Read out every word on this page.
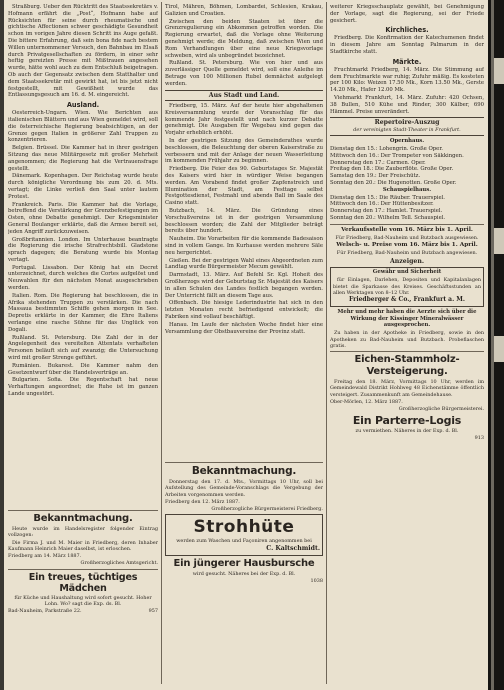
Straßburg. Ueber den Rücktritt des Staatssekretärs v. Hofmann erfährt die „Post“, Hofmann habe auf Rücksichten für seine durch rheumatische und gichtische Affectionen schwer geschädigte Gesundheit schon im vorigen Jahre diesen Schritt ins Auge gefaßt. Die bittere Erfahrung, daß sein bona fide nach bestem Willen unternommener Versuch, den Bahnbau im Elsaß durch Privatgesellschaften zu fördern, in einer sehr heftig gereizten Presse mit Mißtrauen angesehen wurde, hätte wohl auch zu dem Entschluß beigetragen. Ob auch der Gegensatz zwischen dem Statthalter und dem Staatssekretär mit gewirkt hat, ist bis jetzt nicht festgestellt, mit Gewißheit wurde das Entlassungsgesuch am 16. d. M. eingereicht.

Ausland.

Oesterreich-Ungarn. Wien. Wie Berichten aus italienischen Blättern und aus Wien gemeldet wird, soll die österreichische Regierung beabsichtigen, an der Grenze gegen Italien in größerer Zahl Truppen zu konzentrieren.

Belgien. Brüssel. Die Kammer hat in ihrer gestrigen Sitzung das neue Militärgesetz mit großer Mehrheit angenommen; die Regierung hat die Vertrauensfrage gestellt.

Dänemark. Kopenhagen. Der Reichstag wurde heute durch königliche Verordnung bis zum 20. d. Mts. vertagt; die Linke verließ den Saal unter lautem Protest.

Frankreich. Paris. Die Kammer hat die Vorlage, betreffend die Verstärkung der Grenzbefestigungen im Osten, ohne Debatte genehmigt. Der Kriegsminister General Boulanger erklärte, daß die Armee bereit sei, jeden Angriff zurückzuweisen.

Großbritannien. London. Im Unterhause beantragte die Regierung die irische Strafrechtsbill. Gladstone sprach dagegen; die Beratung wurde bis Montag vertagt.

Portugal. Lissabon. Der König hat ein Decret unterzeichnet, durch welches die Cortes aufgelöst und Neuwahlen für den nächsten Monat ausgeschrieben werden.

Italien. Rom. Die Regierung hat beschlossen, die in Afrika stehenden Truppen zu verstärken. Die nach Massaua bestimmten Schiffe gehen morgen in See. Depretis erklärte in der Kammer, die Ehre Italiens verlange eine rasche Sühne für das Unglück von Dogali.

Rußland. St. Petersburg. Die Zahl der in der Angelegenheit des vereitelten Attentats verhafteten Personen beläuft sich auf zwanzig; die Untersuchung wird mit großer Strenge geführt.

Rumänien. Bukarest. Die Kammer nahm den Gesetzentwurf über die Handelsverträge an.

Bulgarien. Sofia. Die Regentschaft hat neue Verhaftungen angeordnet; die Ruhe ist im ganzen Lande ungestört.

Bekanntmachung.

Heute wurde im Handelsregister folgender Eintrag vollzogen:

Die Firma J. und M. Maier in Friedberg, deren Inhaber Kaufmann Heinrich Maier daselbst, ist erloschen.

Friedberg am 14. März 1887.

Großherzogliches Amtsgericht.

Ein treues, tüchtiges Mädchen

für Küche und Haushaltung wird sofort gesucht. Hoher Lohn. Wo? sagt die Exp. ds. Bl.

Bad-Nauheim, Parkstraße 22.	957

Tirol, Mähren, Böhmen, Lombardei, Schlesien, Krakau, Galizien und Croatien.

Zwischen den beiden Staaten ist über die Grenzregulierung ein Abkommen getroffen worden. Die Regierung erwartet, daß die Vorlage ohne Weiterung genehmigt werde; die Meldung, daß zwischen Wien und Rom Verhandlungen über eine neue Kriegsvorlage schweben, wird als unbegründet bezeichnet.

Rußland. St. Petersburg. Wie von hier und aus zuverlässiger Quelle gemeldet wird, soll eine Anleihe im Betrage von 100 Millionen Rubel demnächst aufgelegt werden.

Aus Stadt und Land.

Friedberg, 15. März. Auf der heute hier abgehaltenen Kreisversammlung wurde der Voranschlag für das kommende Jahr festgestellt und nach kurzer Debatte genehmigt. Die Ausgaben für Wegebau sind gegen das Vorjahr erheblich erhöht.

In der gestrigen Sitzung des Gemeinderathes wurde beschlossen, die Beleuchtung der oberen Kaiserstraße zu verbessern und mit der Anlage der neuen Wasserleitung im kommenden Frühjahr zu beginnen.

Friedberg. Die Feier des 90. Geburtstages Sr. Majestät des Kaisers wird hier in würdiger Weise begangen werden. Am Vorabend findet großer Zapfenstreich und Illumination der Stadt, am Festtage selbst Festgottesdienst, Festmahl und abends Ball im Saale des Casino statt.

Butzbach, 14. März. Die Gründung eines Vorschußvereins ist in der gestrigen Versammlung beschlossen worden; die Zahl der Mitglieder beträgt bereits über hundert.

Nauheim. Die Vorarbeiten für die kommende Badesaison sind in vollem Gange. Im Kurhause werden mehrere Säle neu hergerichtet.

Gießen. Bei der gestrigen Wahl eines Abgeordneten zum Landtag wurde Bürgermeister Mecum gewählt.

Darmstadt, 13. März. Auf Befehl Sr. Kgl. Hoheit des Großherzogs wird der Geburtstag Sr. Majestät des Kaisers in allen Schulen des Landes festlich begangen werden. Der Unterricht fällt an diesem Tage aus.

Offenbach. Die hiesige Lederindustrie hat sich in den letzten Monaten recht befriedigend entwickelt; die Fabriken sind vollauf beschäftigt.

Hanau. Im Laufe der nächsten Woche findet hier eine Versammlung der Obstbauvereine der Provinz statt.

Bekanntmachung.

Donnerstag den 17. d. Mts., Vormittags 10 Uhr, soll bei Aufstellung des Gemeinde-Voranschlags die Vergebung der Arbeiten vorgenommen werden.

Friedberg den 12. März 1887.

Großherzogliche Bürgermeisterei Friedberg.

Strohhüte

werden zum Waschen und Façoniren angenommen bei

C. Kaltschmidt.

Ein jüngerer Hausbursche

wird gesucht. Näheres bei der Exp. d. Bl.

1038

weiterer Kriegsschauplatz gewählt, bei Genehmigung der Vorlage, sagt die Regierung, sei der Friede gesichert.

Kirchliches.

Friedberg. Die Konfirmation der Katechumenen findet in diesem Jahre am Sonntag Palmarum in der Stadtkirche statt.

Märkte.

Fruchtmarkt Friedberg, 14. März. Die Stimmung auf dem Fruchtmarkte war ruhig; Zufuhr mäßig. Es kosteten per 100 Kilo: Weizen 17.50 Mk., Korn 13.50 Mk., Gerste 14.20 Mk., Hafer 12.00 Mk.

Viehmarkt Frankfurt, 14. März. Zufuhr: 420 Ochsen, 38 Bullen, 510 Kühe und Rinder, 300 Kälber, 690 Hämmel. Preise unverändert.

Repertoire-Auszug
der vereinigten Stadt-Theater in Frankfurt.
Opernhaus.
Dienstag den 15.: Lohengrin. Große Oper.
Mittwoch den 16.: Der Trompeter von Säkkingen.
Donnerstag den 17.: Carmen. Oper.
Freitag den 18.: Die Zauberflöte. Große Oper.
Samstag den 19.: Der Freischütz.
Sonntag den 20.: Die Hugenotten. Große Oper.
Schauspielhaus.
Dienstag den 15.: Die Räuber. Trauerspiel.
Mittwoch den 16.: Der Hüttenbesitzer.
Donnerstag den 17.: Hamlet. Trauerspiel.
Sonntag den 20.: Wilhelm Tell. Schauspiel.
Verkaufsstelle vom 16. März bis 1. April.

Für Friedberg, Bad-Nauheim und Butzbach ausgewiesen.

Welsch- u. Preise vom 16. März bis 1. April.

Für Friedberg, Bad-Nauheim und Butzbach angewiesen.

Anzeigen.
Gewähr und Sicherheit

für Einlagen, Darlehen, Depositen und Kapitalanlagen bietet die Sparkasse des Kreises. Geschäftsstunden an allen Werktagen von 8–12 Uhr.

Friedberger & Co., Frankfurt a. M.

Mehr und mehr haben die Aerzte sich über die Wirkung der Kissinger Mineralwässer ausgesprochen.

Zu haben in der Apotheke in Friedberg, sowie in den Apotheken zu Bad-Nauheim und Butzbach. Probeflaschen gratis.

Eichen-Stammholz-Versteigerung.

Freitag den 18. März, Vormittags 10 Uhr, werden im Gemeindewald Distrikt Hohlweg 48 Eichenstämme öffentlich versteigert. Zusammenkunft am Gemeindehause.

Ober-Mörlen, 12. März 1887.

Großherzogliche Bürgermeisterei.

Ein Parterre-Logis

zu vermiethen. Näheres in der Exp. d. Bl.

913
